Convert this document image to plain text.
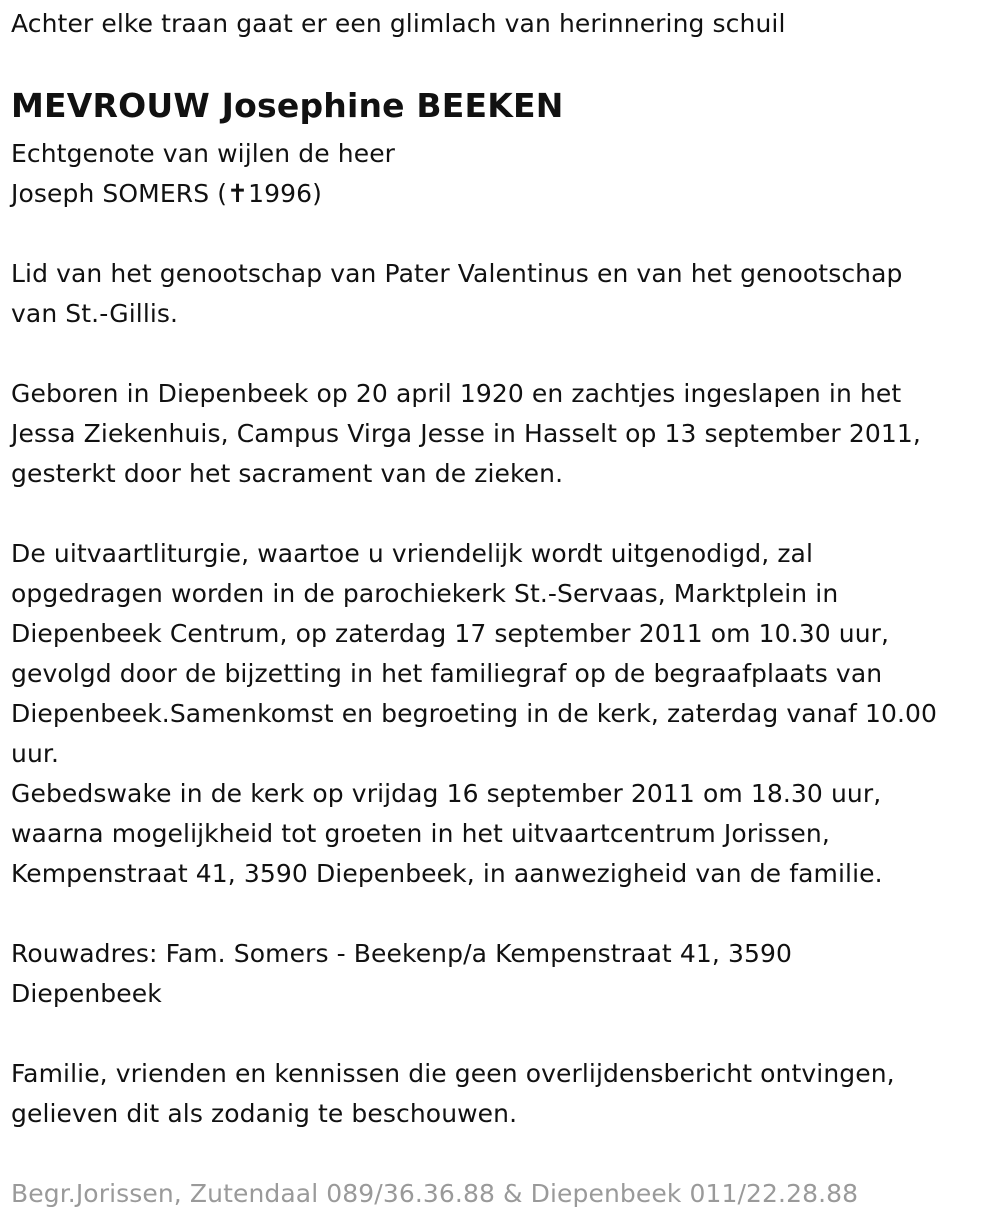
Achter elke traan gaat er een glimlach van herinnering schuil

MEVROUW Josephine BEEKEN

Echtgenote van wijlen de heer

Joseph SOMERS (✝1996)

Lid van het genootschap van Pater Valentinus en van het genootschap

van St.-Gillis.

Geboren in Diepenbeek op 20 april 1920 en zachtjes ingeslapen in het

Jessa Ziekenhuis, Campus Virga Jesse in Hasselt op 13 september 2011,

gesterkt door het sacrament van de zieken.

De uitvaartliturgie, waartoe u vriendelijk wordt uitgenodigd, zal

opgedragen worden in de parochiekerk St.-Servaas, Marktplein in

Diepenbeek Centrum, op zaterdag 17 september 2011 om 10.30 uur,

gevolgd door de bijzetting in het familiegraf op de begraafplaats van

Diepenbeek.Samenkomst en begroeting in de kerk, zaterdag vanaf 10.00

uur.

Gebedswake in de kerk op vrijdag 16 september 2011 om 18.30 uur,

waarna mogelijkheid tot groeten in het uitvaartcentrum Jorissen,

Kempenstraat 41, 3590 Diepenbeek, in aanwezigheid van de familie.

Rouwadres: Fam. Somers - Beekenp/a Kempenstraat 41, 3590

Diepenbeek

Familie, vrienden en kennissen die geen overlijdensbericht ontvingen,

gelieven dit als zodanig te beschouwen.

Begr.Jorissen, Zutendaal 089/36.36.88 & Diepenbeek 011/22.28.88
